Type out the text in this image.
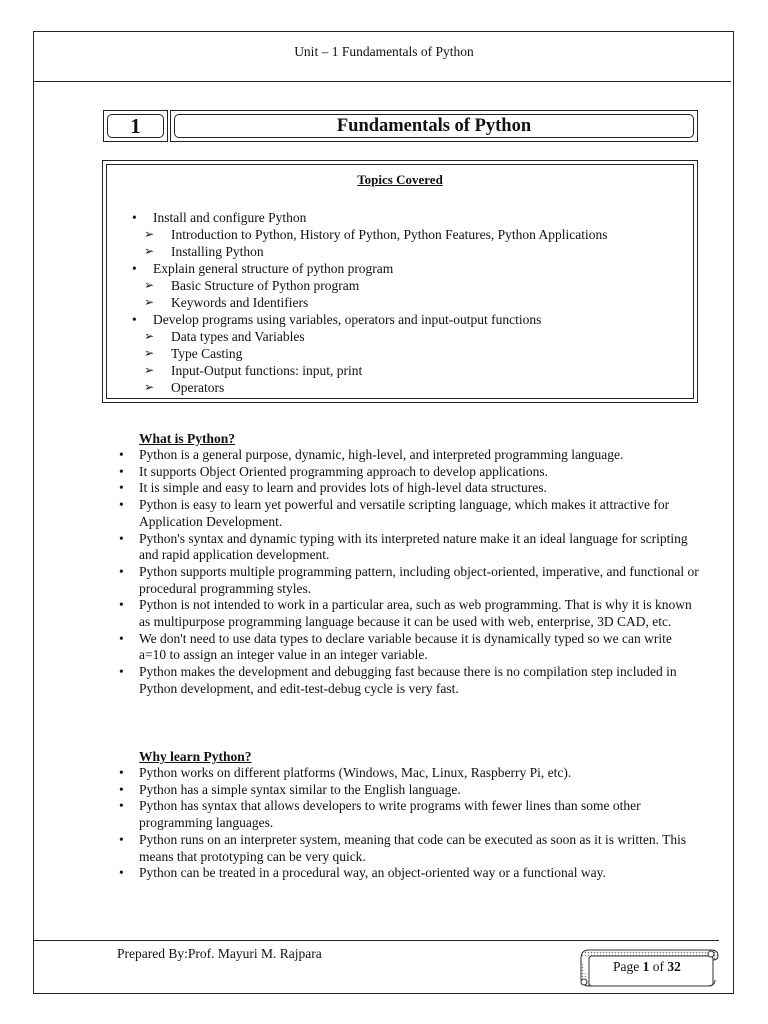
Unit – 1 Fundamentals of Python
1	Fundamentals of Python
Topics Covered
• Install and configure Python
➢ Introduction to Python, History of Python, Python Features, Python Applications
➢ Installing Python
• Explain general structure of python program
➢ Basic Structure of Python program
➢ Keywords and Identifiers
• Develop programs using variables, operators and input-output functions
➢ Data types and Variables
➢ Type Casting
➢ Input-Output functions: input, print
➢ Operators
What is Python?
• Python is a general purpose, dynamic, high-level, and interpreted programming language.
• It supports Object Oriented programming approach to develop applications.
• It is simple and easy to learn and provides lots of high-level data structures.
• Python is easy to learn yet powerful and versatile scripting language, which makes it attractive for Application Development.
• Python's syntax and dynamic typing with its interpreted nature make it an ideal language for scripting and rapid application development.
• Python supports multiple programming pattern, including object-oriented, imperative, and functional or procedural programming styles.
• Python is not intended to work in a particular area, such as web programming. That is why it is known as multipurpose programming language because it can be used with web, enterprise, 3D CAD, etc.
• We don't need to use data types to declare variable because it is dynamically typed so we can write a=10 to assign an integer value in an integer variable.
• Python makes the development and debugging fast because there is no compilation step included in Python development, and edit-test-debug cycle is very fast.
Why learn Python?
• Python works on different platforms (Windows, Mac, Linux, Raspberry Pi, etc).
• Python has a simple syntax similar to the English language.
• Python has syntax that allows developers to write programs with fewer lines than some other programming languages.
• Python runs on an interpreter system, meaning that code can be executed as soon as it is written. This means that prototyping can be very quick.
• Python can be treated in a procedural way, an object-oriented way or a functional way.
Prepared By:Prof. Mayuri M. Rajpara
Page 1 of 32
